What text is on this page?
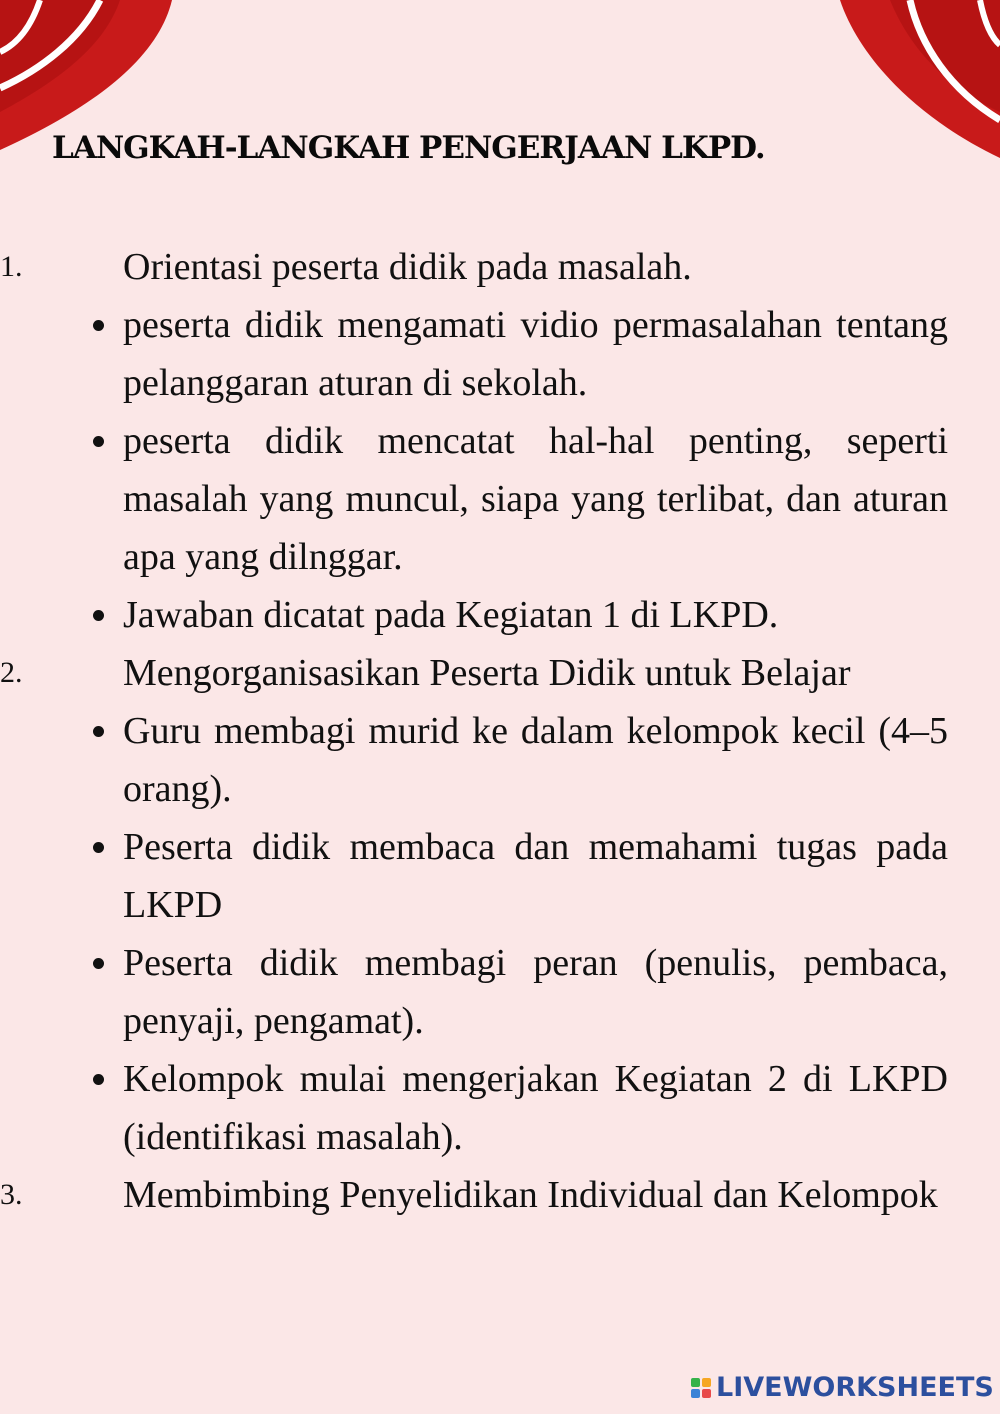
LANGKAH-LANGKAH PENGERJAAN LKPD.
1.	Orientasi peserta didik pada masalah.
peserta didik mengamati vidio permasalahan tentang pelanggaran aturan di sekolah.
peserta didik mencatat hal-hal penting, seperti masalah yang muncul, siapa yang terlibat, dan aturan apa yang dilnggar.
Jawaban dicatat pada Kegiatan 1 di LKPD.
2.	Mengorganisasikan Peserta Didik untuk Belajar
Guru membagi murid ke dalam kelompok kecil (4–5 orang).
Peserta didik membaca dan memahami tugas pada LKPD
Peserta didik membagi peran (penulis, pembaca, penyaji, pengamat).
Kelompok mulai mengerjakan Kegiatan 2 di LKPD (identifikasi masalah).
3.	Membimbing Penyelidikan Individual dan Kelompok
LIVEWORKSHEETS
